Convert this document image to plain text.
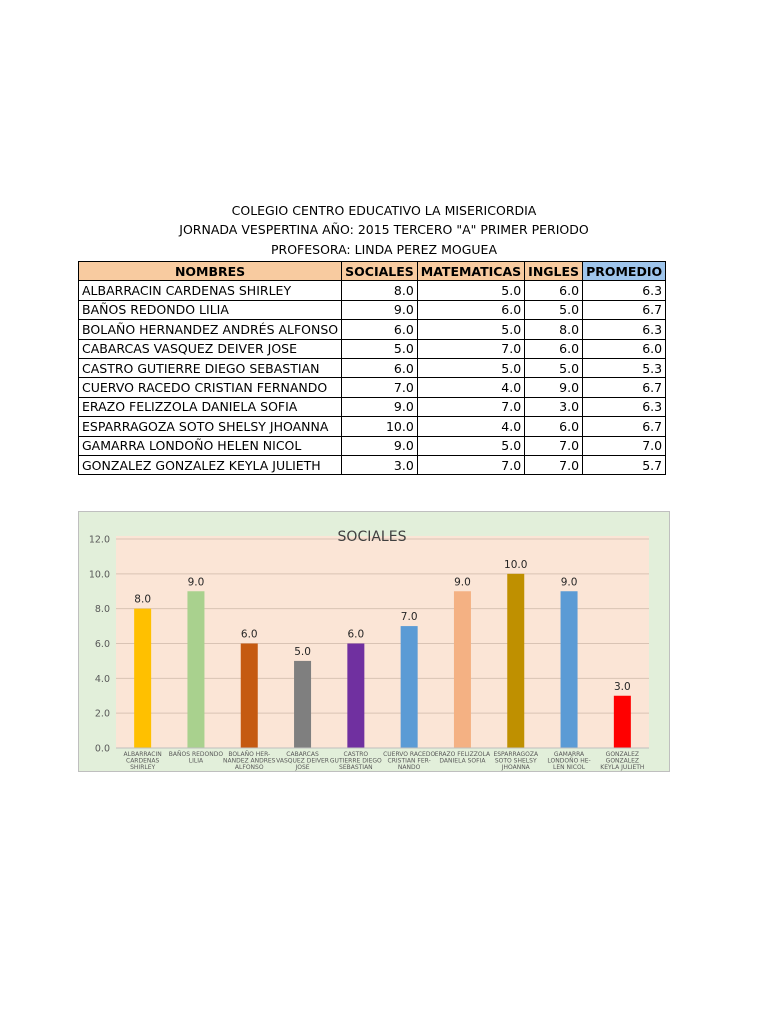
COLEGIO CENTRO EDUCATIVO LA MISERICORDIA
JORNADA VESPERTINA AÑO: 2015 TERCERO "A" PRIMER PERIODO
PROFESORA: LINDA PEREZ MOGUEA
NOMBRES	SOCIALES	MATEMATICAS	INGLES	PROMEDIO
ALBARRACIN CARDENAS SHIRLEY	8.0	5.0	6.0	6.3
BAÑOS REDONDO LILIA	9.0	6.0	5.0	6.7
BOLAÑO HERNANDEZ ANDRÉS ALFONSO	6.0	5.0	8.0	6.3
CABARCAS VASQUEZ DEIVER JOSE	5.0	7.0	6.0	6.0
CASTRO GUTIERRE DIEGO SEBASTIAN	6.0	5.0	5.0	5.3
CUERVO RACEDO CRISTIAN FERNANDO	7.0	4.0	9.0	6.7
ERAZO FELIZZOLA DANIELA SOFIA	9.0	7.0	3.0	6.3
ESPARRAGOZA SOTO SHELSY JHOANNA	10.0	4.0	6.0	6.7
GAMARRA LONDOÑO HELEN NICOL	9.0	5.0	7.0	7.0
GONZALEZ GONZALEZ KEYLA JULIETH	3.0	7.0	7.0	5.7
0.0
2.0
4.0
6.0
8.0
10.0
12.0	SOCIALES
8.0
ALBARRACIN CARDENAS SHIRLEY
9.0
BAÑOS REDONDO LILIA
6.0
BOLAÑO HER-NANDEZ ANDRES ALFONSO
5.0
CABARCAS VASQUEZ DEIVER JOSE
6.0
CASTRO GUTIERRE DIEGO SEBASTIAN
7.0
CUERVO RACEDO CRISTIAN FER-NANDO
9.0
ERAZO FELIZZOLA DANIELA SOFIA
10.0
ESPARRAGOZA SOTO SHELSY JHOANNA
9.0
GAMARRA LONDOÑO HE-LEN NICOL
3.0
GONZALEZ GONZALEZ KEYLA JULIETH
